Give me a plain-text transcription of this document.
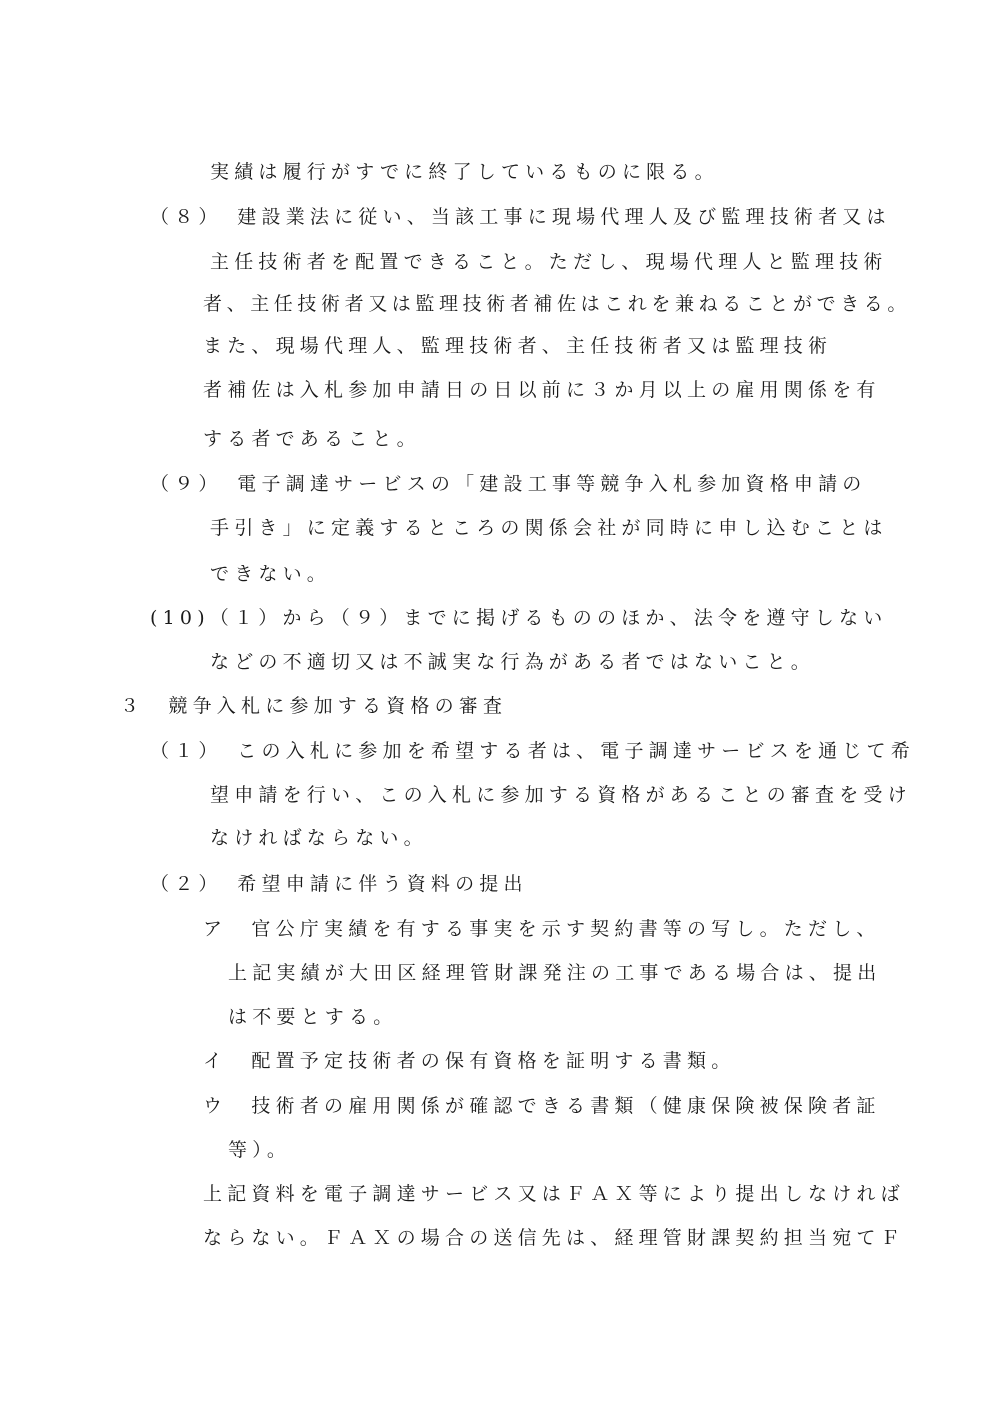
実績は履行がすでに終了しているものに限る。
（８）　建設業法に従い、当該工事に現場代理人及び監理技術者又は
主任技術者を配置できること。ただし、現場代理人と監理技術
者、主任技術者又は監理技術者補佐はこれを兼ねることができる。
また、現場代理人、監理技術者、主任技術者又は監理技術
者補佐は入札参加申請日の日以前に３か月以上の雇用関係を有
する者であること。
（９）　電子調達サービスの「建設工事等競争入札参加資格申請の
手引き」に定義するところの関係会社が同時に申し込むことは
できない。
(10)（１）から（９）までに掲げるもののほか、法令を遵守しない
などの不適切又は不誠実な行為がある者ではないこと。
３　競争入札に参加する資格の審査
（１）　この入札に参加を希望する者は、電子調達サービスを通じて希
望申請を行い、この入札に参加する資格があることの審査を受け
なければならない。
（２）　希望申請に伴う資料の提出
ア　官公庁実績を有する事実を示す契約書等の写し。ただし、
上記実績が大田区経理管財課発注の工事である場合は、提出
は不要とする。
イ　配置予定技術者の保有資格を証明する書類。
ウ　技術者の雇用関係が確認できる書類（健康保険被保険者証
等）。
上記資料を電子調達サービス又はＦＡＸ等により提出しなければ
ならない。ＦＡＸの場合の送信先は、経理管財課契約担当宛てＦ
